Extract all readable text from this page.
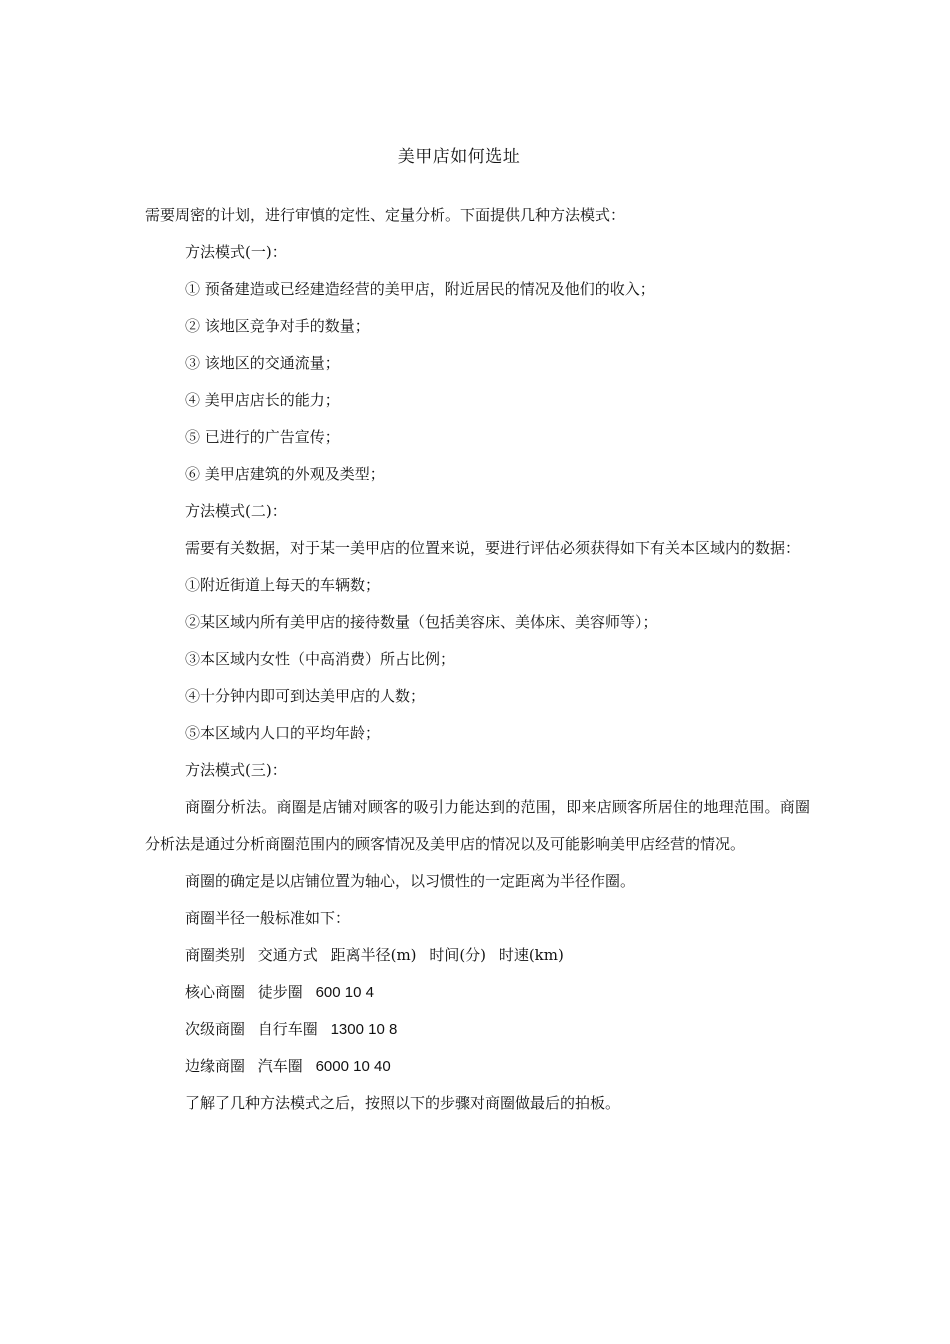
美甲店如何选址

需要周密的计划，进行审慎的定性、定量分析。下面提供几种方法模式：

方法模式(一)：

① 预备建造或已经建造经营的美甲店，附近居民的情况及他们的收入；

② 该地区竞争对手的数量；

③ 该地区的交通流量；

④ 美甲店店长的能力；

⑤ 已进行的广告宣传；

⑥ 美甲店建筑的外观及类型；

方法模式(二)：

需要有关数据，对于某一美甲店的位置来说，要进行评估必须获得如下有关本区域内的数据：

①附近街道上每天的车辆数；

②某区域内所有美甲店的接待数量（包括美容床、美体床、美容师等）；

③本区域内女性（中高消费）所占比例；

④十分钟内即可到达美甲店的人数；

⑤本区域内人口的平均年龄；

方法模式(三)：

商圈分析法。商圈是店铺对顾客的吸引力能达到的范围，即来店顾客所居住的地理范围。商圈分析法是通过分析商圈范围内的顾客情况及美甲店的情况以及可能影响美甲店经营的情况。

商圈的确定是以店铺位置为轴心，以习惯性的一定距离为半径作圈。

商圈半径一般标准如下：

商圈类别 交通方式 距离半径(m) 时间(分) 时速(km)

核心商圈 徒步圈 600 10 4

次级商圈 自行车圈 1300 10 8

边缘商圈 汽车圈 6000 10 40

了解了几种方法模式之后，按照以下的步骤对商圈做最后的拍板。
